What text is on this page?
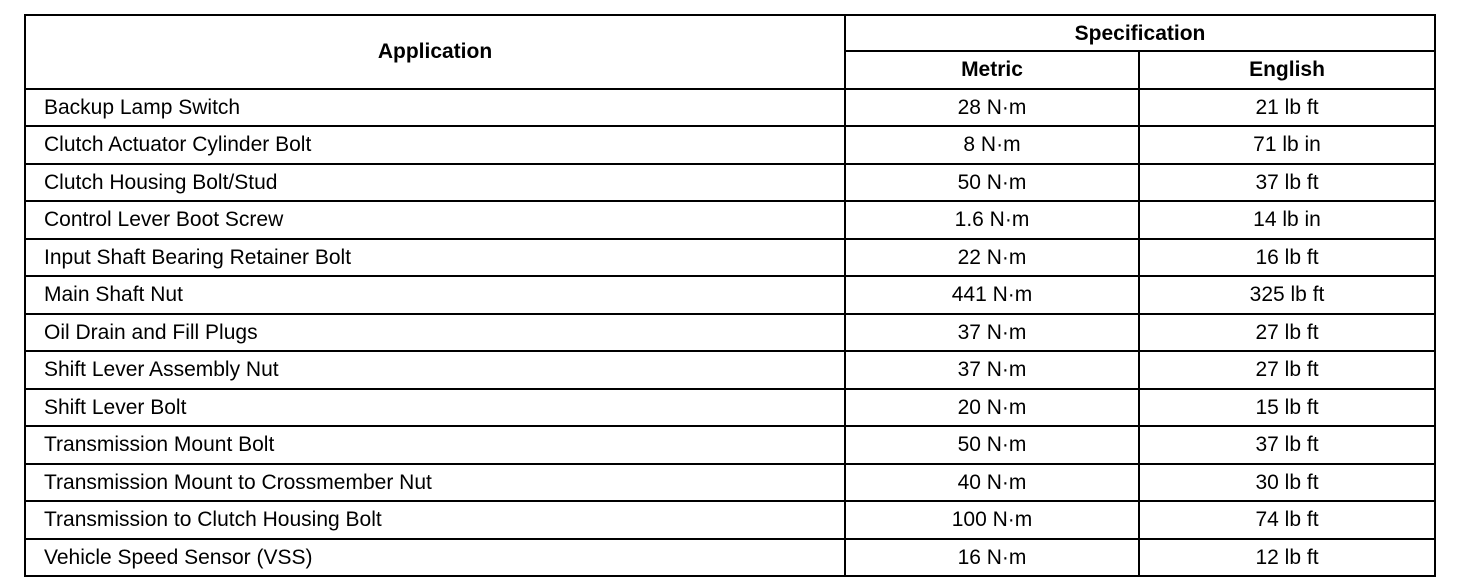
Application	Specification	
	Metric	English
Backup Lamp Switch	28 N·m	21 lb ft
Clutch Actuator Cylinder Bolt	8 N·m	71 lb in
Clutch Housing Bolt/Stud	50 N·m	37 lb ft
Control Lever Boot Screw	1.6 N·m	14 lb in
Input Shaft Bearing Retainer Bolt	22 N·m	16 lb ft
Main Shaft Nut	441 N·m	325 lb ft
Oil Drain and Fill Plugs	37 N·m	27 lb ft
Shift Lever Assembly Nut	37 N·m	27 lb ft
Shift Lever Bolt	20 N·m	15 lb ft
Transmission Mount Bolt	50 N·m	37 lb ft
Transmission Mount to Crossmember Nut	40 N·m	30 lb ft
Transmission to Clutch Housing Bolt	100 N·m	74 lb ft
Vehicle Speed Sensor (VSS)	16 N·m	12 lb ft
